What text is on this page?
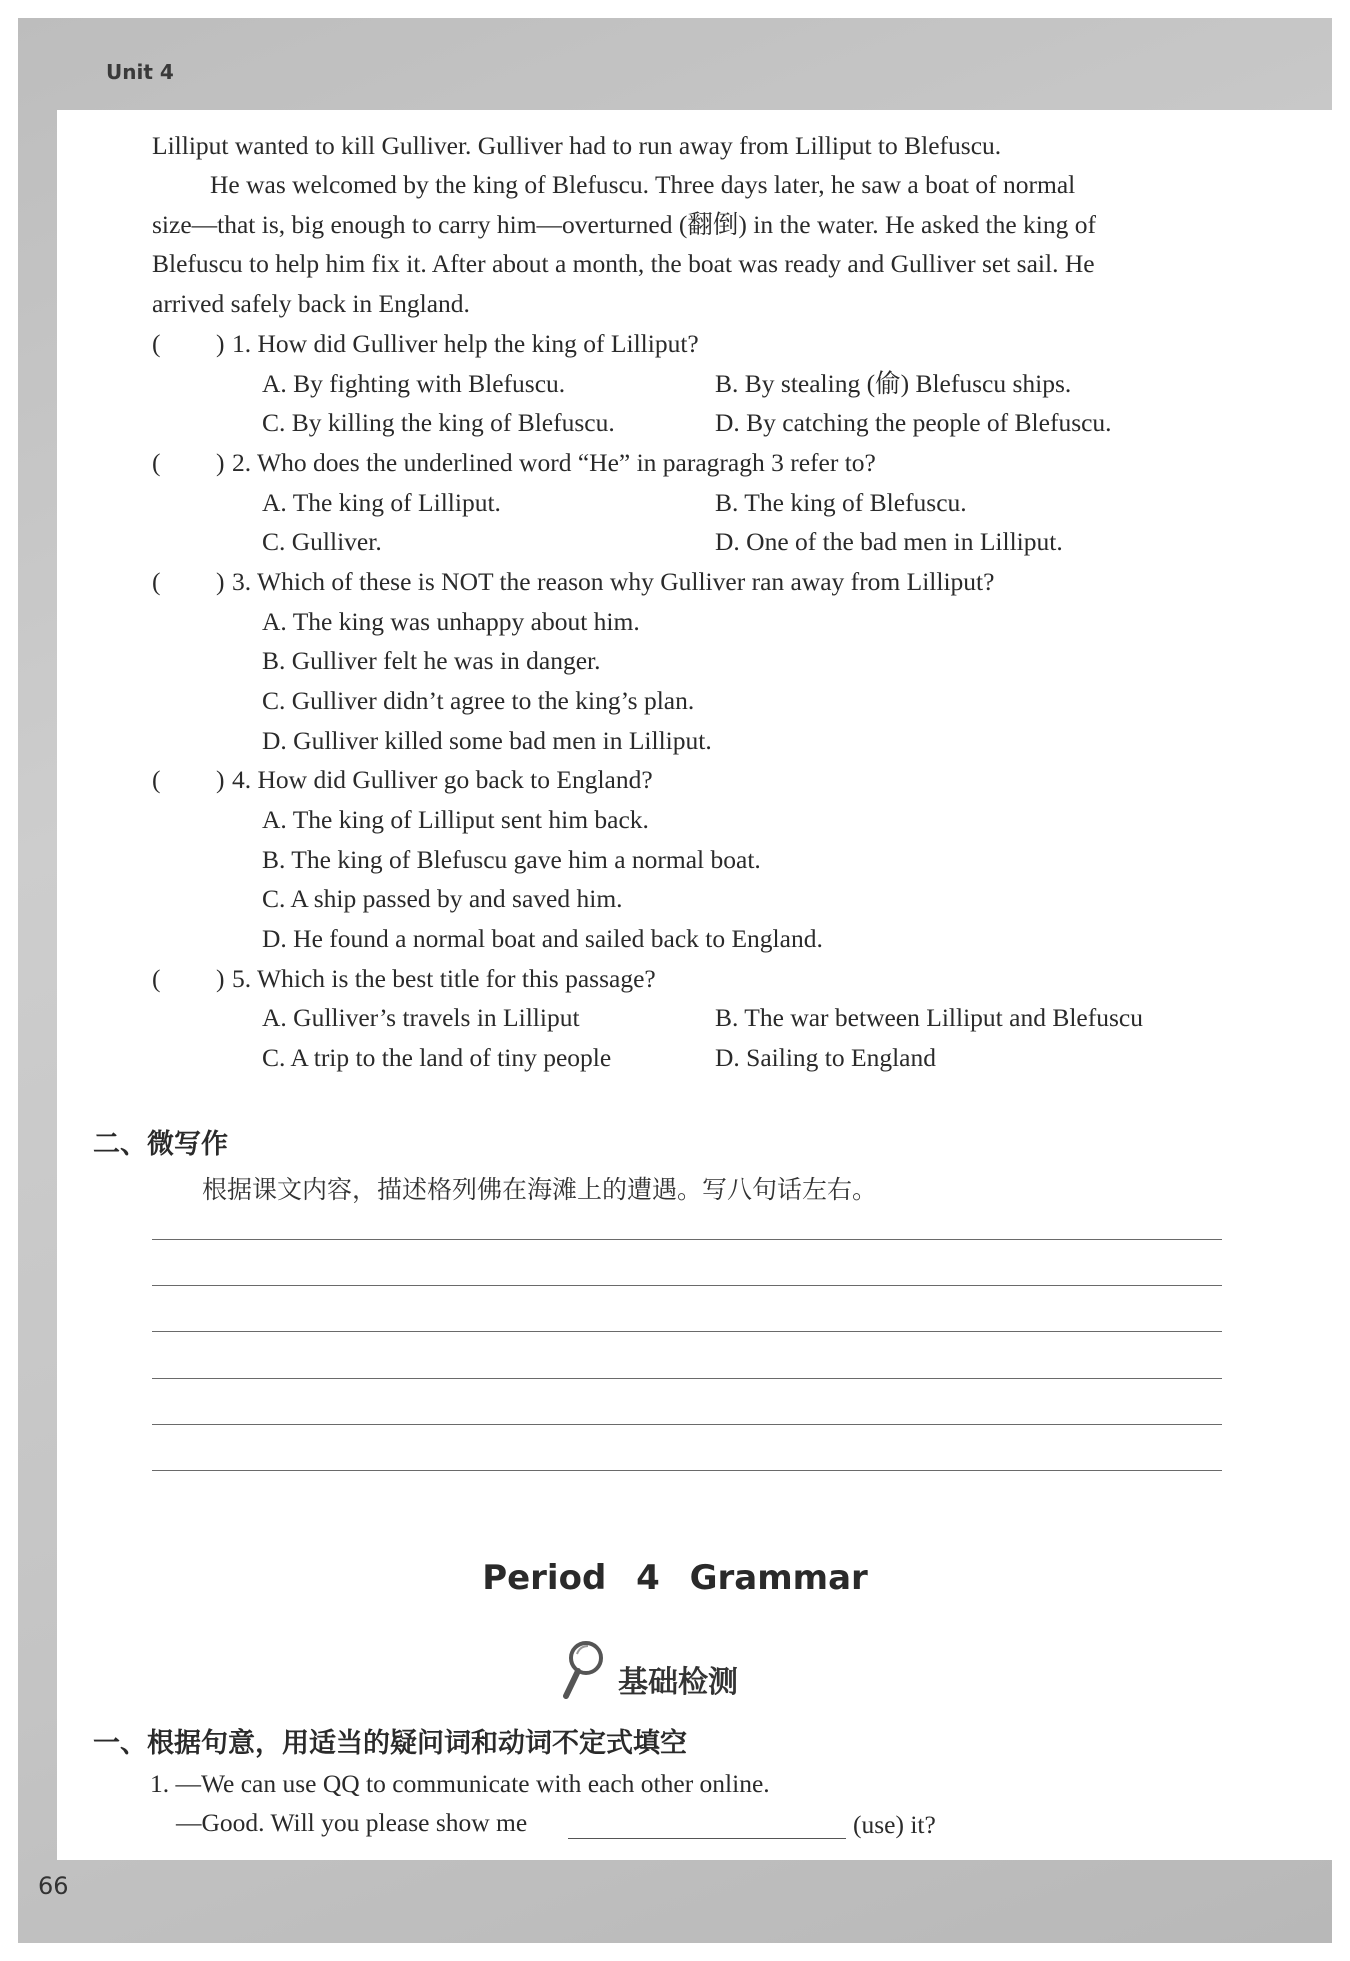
Unit 4
Lilliput wanted to kill Gulliver. Gulliver had to run away from Lilliput to Blefuscu.
He was welcomed by the king of Blefuscu. Three days later, he saw a boat of normal
size—that is, big enough to carry him—overturned (翻倒) in the water. He asked the king of
Blefuscu to help him fix it. After about a month, the boat was ready and Gulliver set sail. He
arrived safely back in England.
( ) 1. How did Gulliver help the king of Lilliput?
A. By fighting with Blefuscu.	B. By stealing (偷) Blefuscu ships.
C. By killing the king of Blefuscu.	D. By catching the people of Blefuscu.
( ) 2. Who does the underlined word “He” in paragragh 3 refer to?
A. The king of Lilliput.	B. The king of Blefuscu.
C. Gulliver.	D. One of the bad men in Lilliput.
( ) 3. Which of these is NOT the reason why Gulliver ran away from Lilliput?
A. The king was unhappy about him.
B. Gulliver felt he was in danger.
C. Gulliver didn’t agree to the king’s plan.
D. Gulliver killed some bad men in Lilliput.
( ) 4. How did Gulliver go back to England?
A. The king of Lilliput sent him back.
B. The king of Blefuscu gave him a normal boat.
C. A ship passed by and saved him.
D. He found a normal boat and sailed back to England.
( ) 5. Which is the best title for this passage?
A. Gulliver’s travels in Lilliput	B. The war between Lilliput and Blefuscu
C. A trip to the land of tiny people	D. Sailing to England
二、微写作
根据课文内容，描述格列佛在海滩上的遭遇。写八句话左右。
Period 4 Grammar
基础检测
一、根据句意，用适当的疑问词和动词不定式填空
1. —We can use QQ to communicate with each other online.
—Good. Will you please show me	(use) it?
66
